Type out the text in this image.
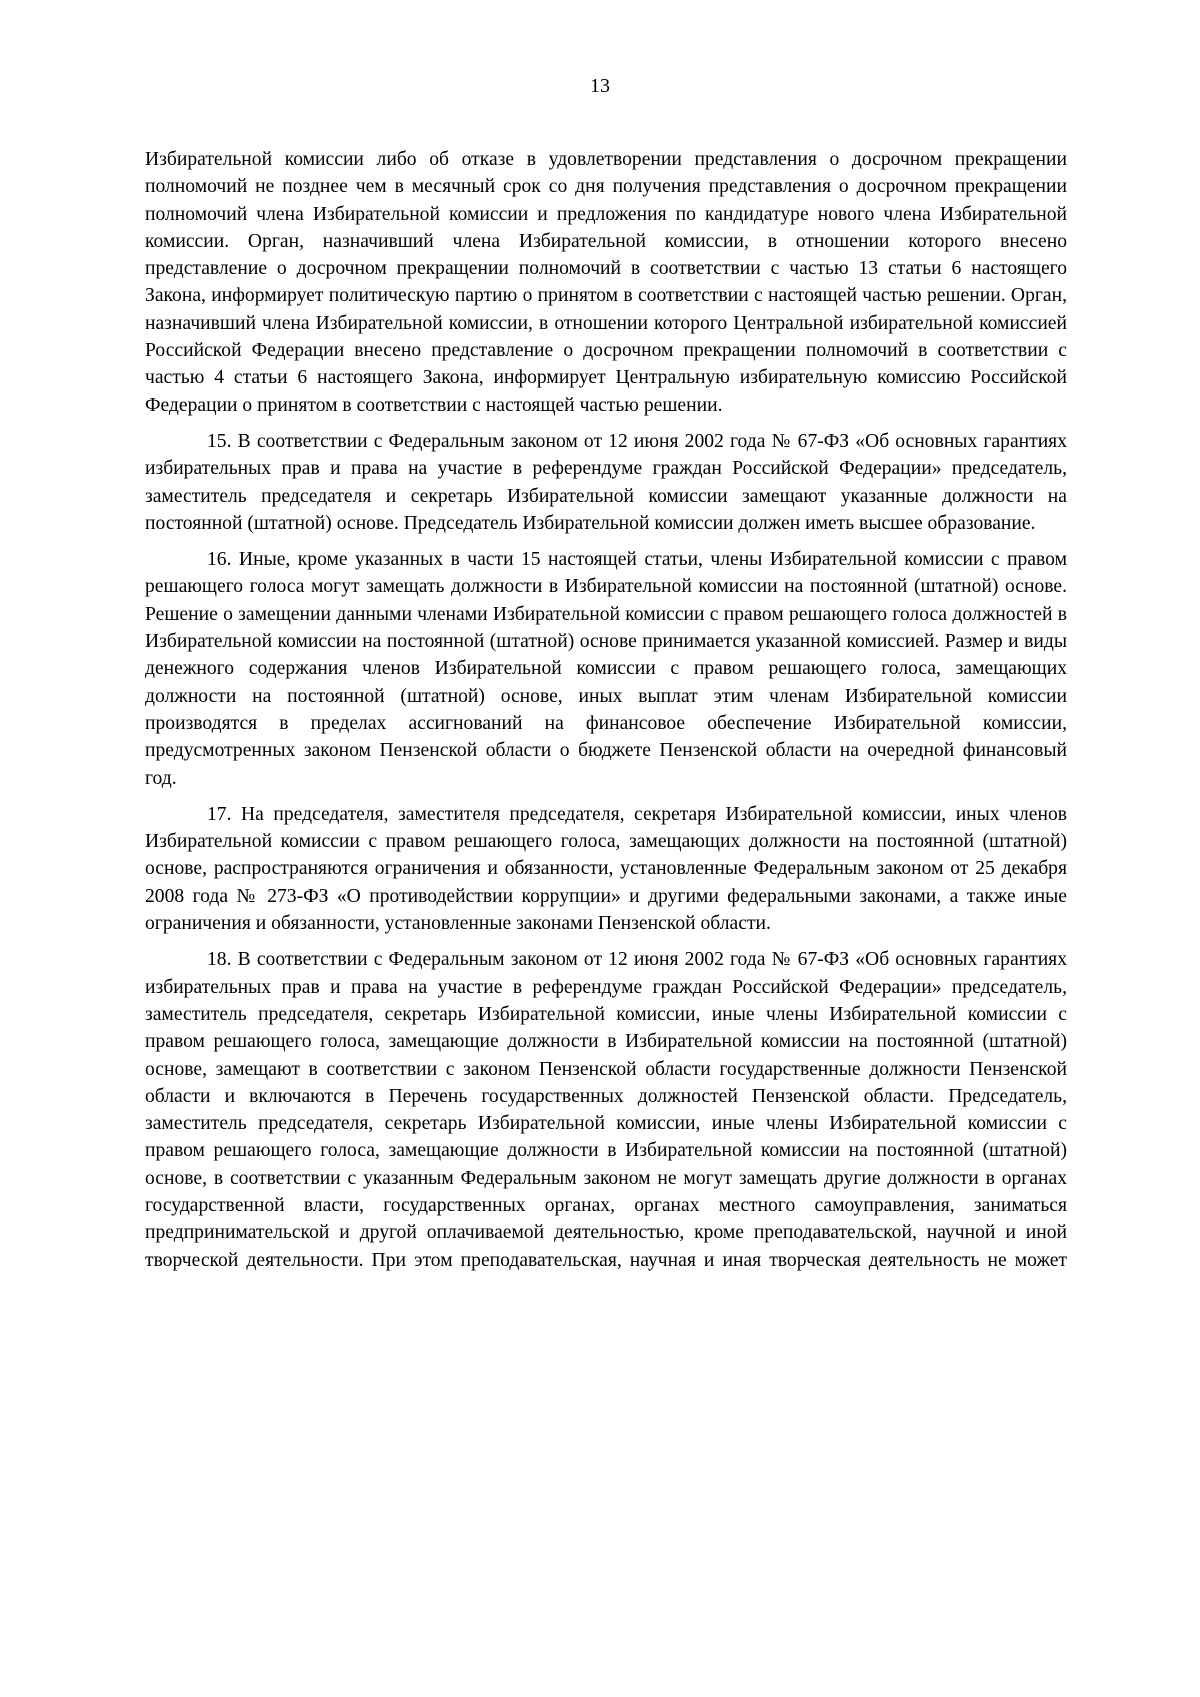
13

Избирательной комиссии либо об отказе в удовлетворении представления о досрочном прекращении полномочий не позднее чем в месячный срок со дня получения представления о досрочном прекращении полномочий члена Избирательной комиссии и предложения по кандидатуре нового члена Избирательной комиссии. Орган, назначивший члена Избирательной комиссии, в отношении которого внесено представление о досрочном прекращении полномочий в соответствии с частью 13 статьи 6 настоящего Закона, информирует политическую партию о принятом в соответствии с настоящей частью решении. Орган, назначивший члена Избирательной комиссии, в отношении которого Центральной избирательной комиссией Российской Федерации внесено представление о досрочном прекращении полномочий в соответствии с частью 4 статьи 6 настоящего Закона, информирует Центральную избирательную комиссию Российской Федерации о принятом в соответствии с настоящей частью решении.

15. В соответствии с Федеральным законом от 12 июня 2002 года № 67-ФЗ «Об основных гарантиях избирательных прав и права на участие в референдуме граждан Российской Федерации» председатель, заместитель председателя и секретарь Избирательной комиссии замещают указанные должности на постоянной (штатной) основе. Председатель Избирательной комиссии должен иметь высшее образование.

16. Иные, кроме указанных в части 15 настоящей статьи, члены Избирательной комиссии с правом решающего голоса могут замещать должности в Избирательной комиссии на постоянной (штатной) основе. Решение о замещении данными членами Избирательной комиссии с правом решающего голоса должностей в Избирательной комиссии на постоянной (штатной) основе принимается указанной комиссией. Размер и виды денежного содержания членов Избирательной комиссии с правом решающего голоса, замещающих должности на постоянной (штатной) основе, иных выплат этим членам Избирательной комиссии производятся в пределах ассигнований на финансовое обеспечение Избирательной комиссии, предусмотренных законом Пензенской области о бюджете Пензенской области на очередной финансовый год.

17. На председателя, заместителя председателя, секретаря Избирательной комиссии, иных членов Избирательной комиссии с правом решающего голоса, замещающих должности на постоянной (штатной) основе, распространяются ограничения и обязанности, установленные Федеральным законом от 25 декабря 2008 года № 273-ФЗ «О противодействии коррупции» и другими федеральными законами, а также иные ограничения и обязанности, установленные законами Пензенской области.

18. В соответствии с Федеральным законом от 12 июня 2002 года № 67-ФЗ «Об основных гарантиях избирательных прав и права на участие в референдуме граждан Российской Федерации» председатель, заместитель председателя, секретарь Избирательной комиссии, иные члены Избирательной комиссии с правом решающего голоса, замещающие должности в Избирательной комиссии на постоянной (штатной) основе, замещают в соответствии с законом Пензенской области государственные должности Пензенской области и включаются в Перечень государственных должностей Пензенской области. Председатель, заместитель председателя, секретарь Избирательной комиссии, иные члены Избирательной комиссии с правом решающего голоса, замещающие должности в Избирательной комиссии на постоянной (штатной) основе, в соответствии с указанным Федеральным законом не могут замещать другие должности в органах государственной власти, государственных органах, органах местного самоуправления, заниматься предпринимательской и другой оплачиваемой деятельностью, кроме преподавательской, научной и иной творческой деятельности. При этом преподавательская, научная и иная творческая деятельность не может
